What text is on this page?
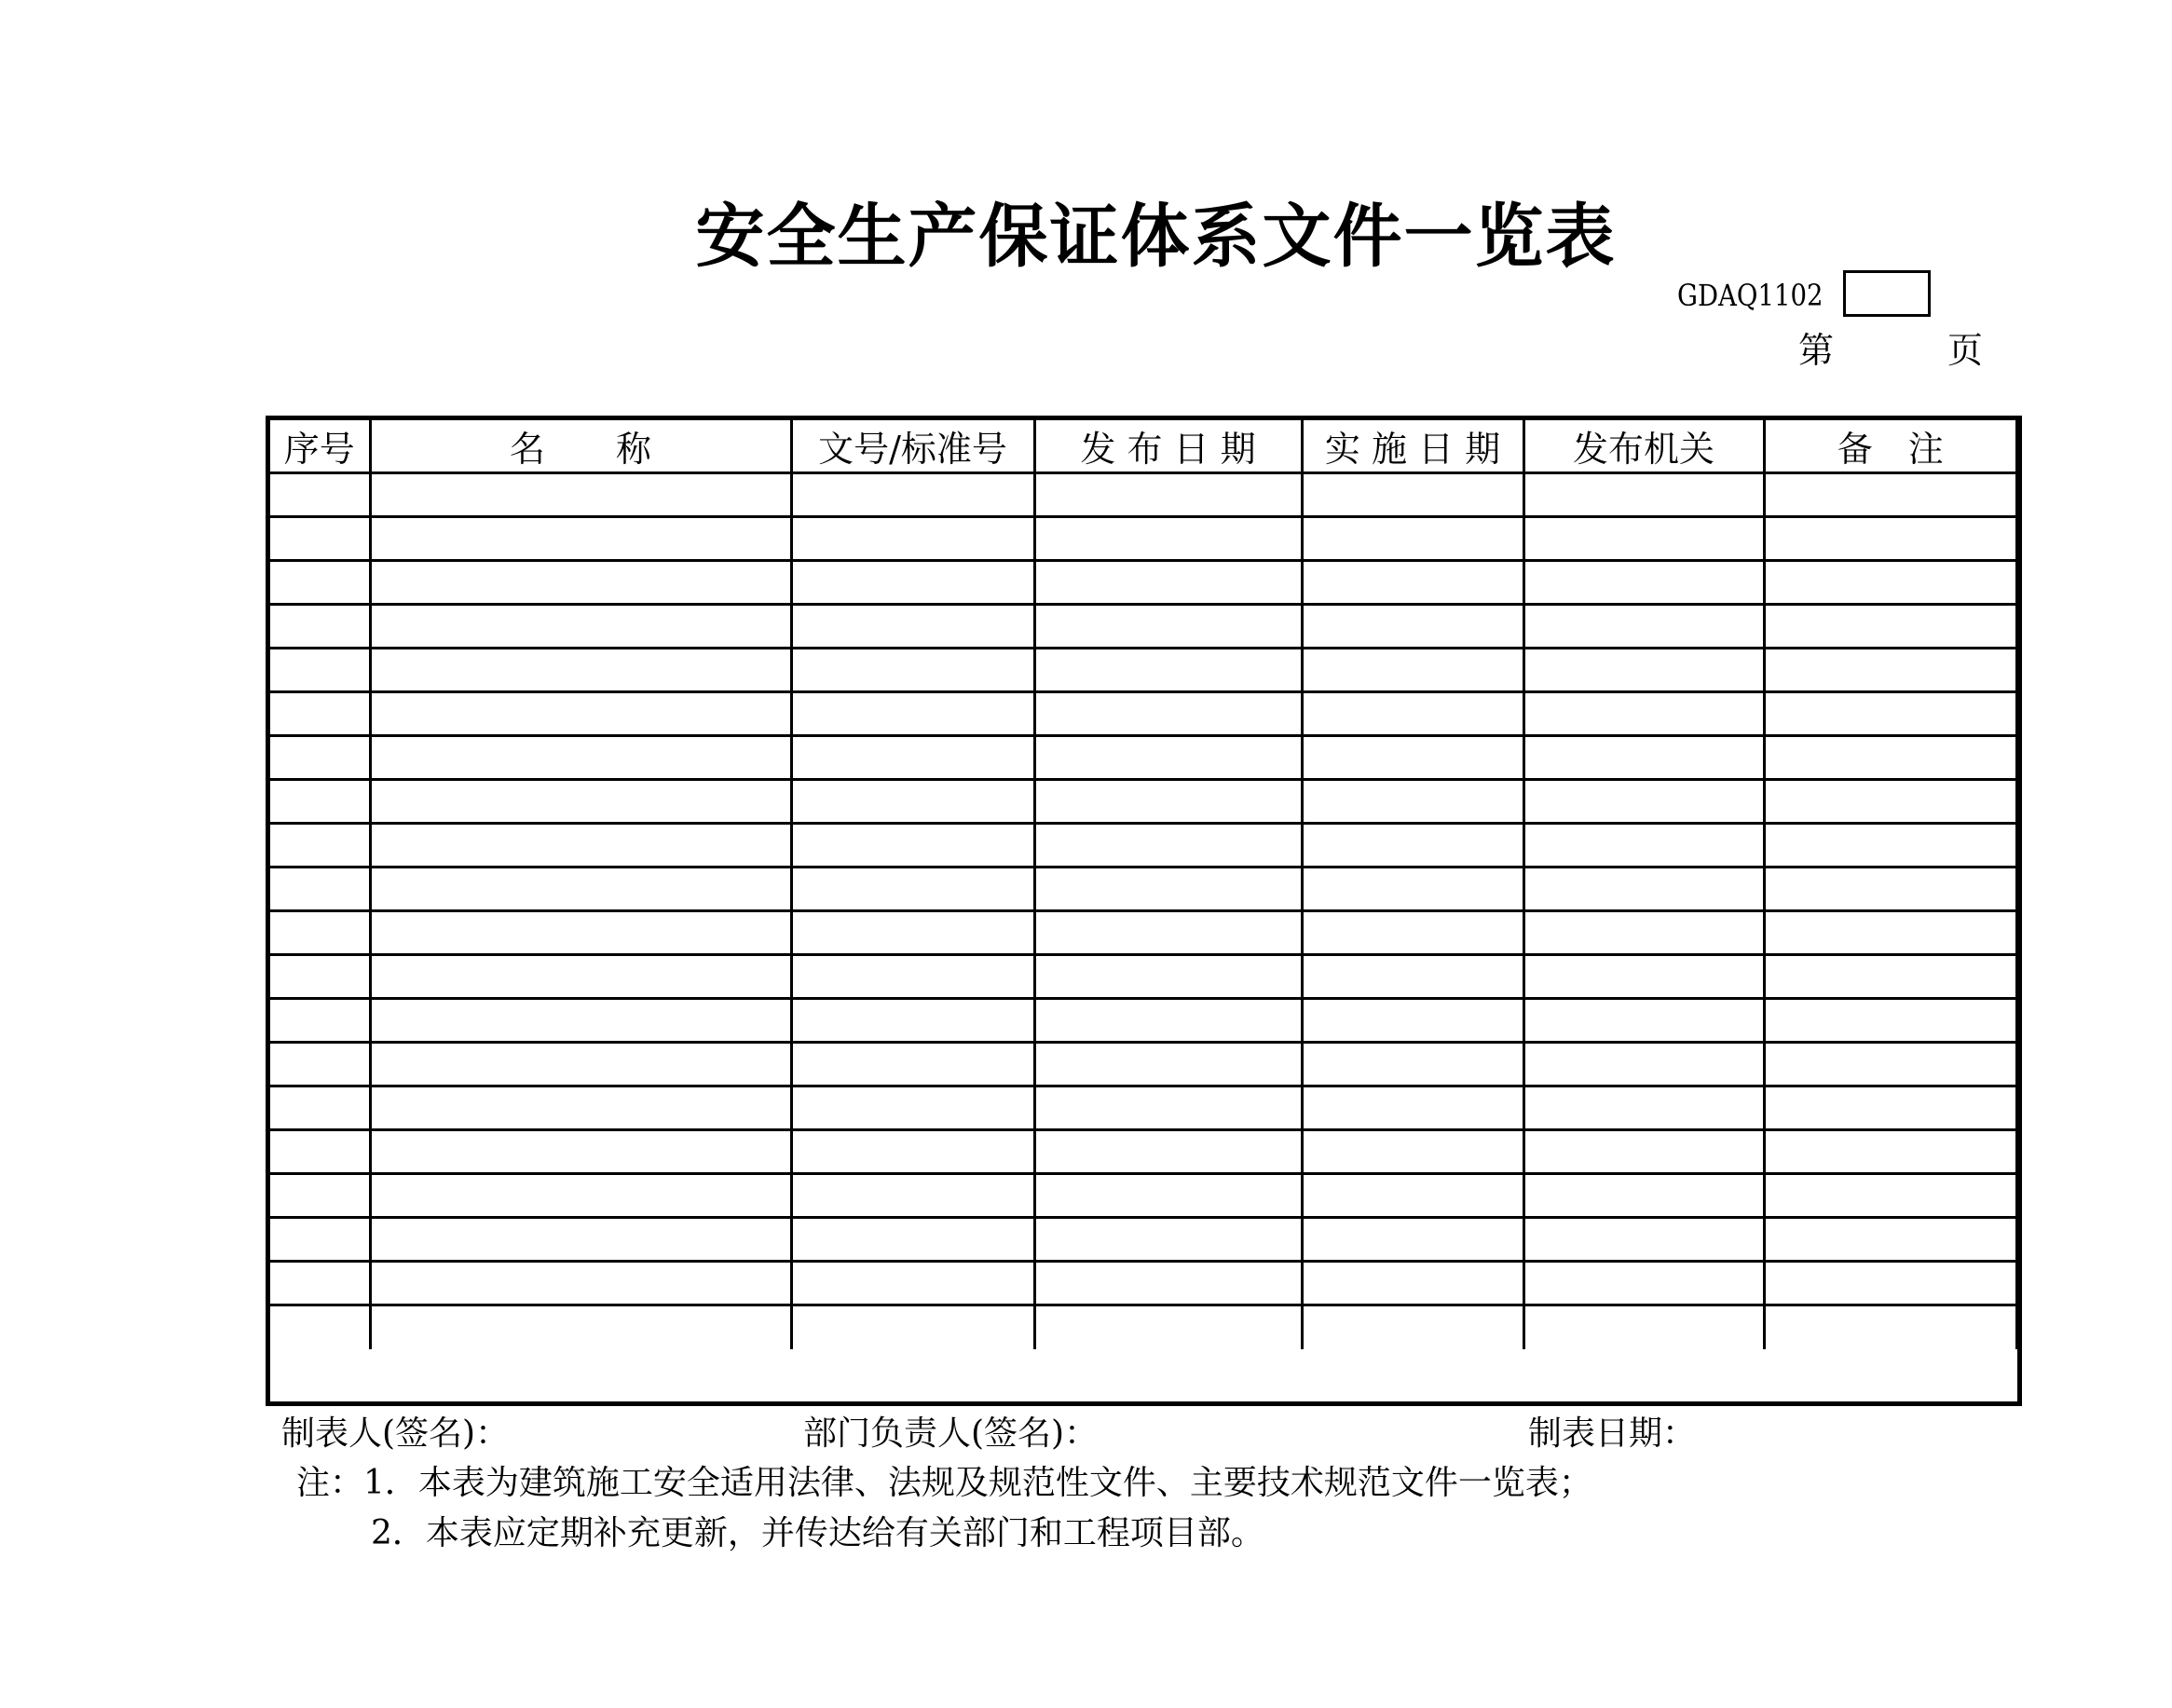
安全生产保证体系文件一览表
GDAQ1102
第	页
序号	名　　称	文号/标准号	发 布 日 期	实 施 日 期	发布机关	备　注

制表人(签名)：	部门负责人(签名)：	制表日期：
注：1．本表为建筑施工安全适用法律、法规及规范性文件、主要技术规范文件一览表；
2．本表应定期补充更新，并传达给有关部门和工程项目部。
